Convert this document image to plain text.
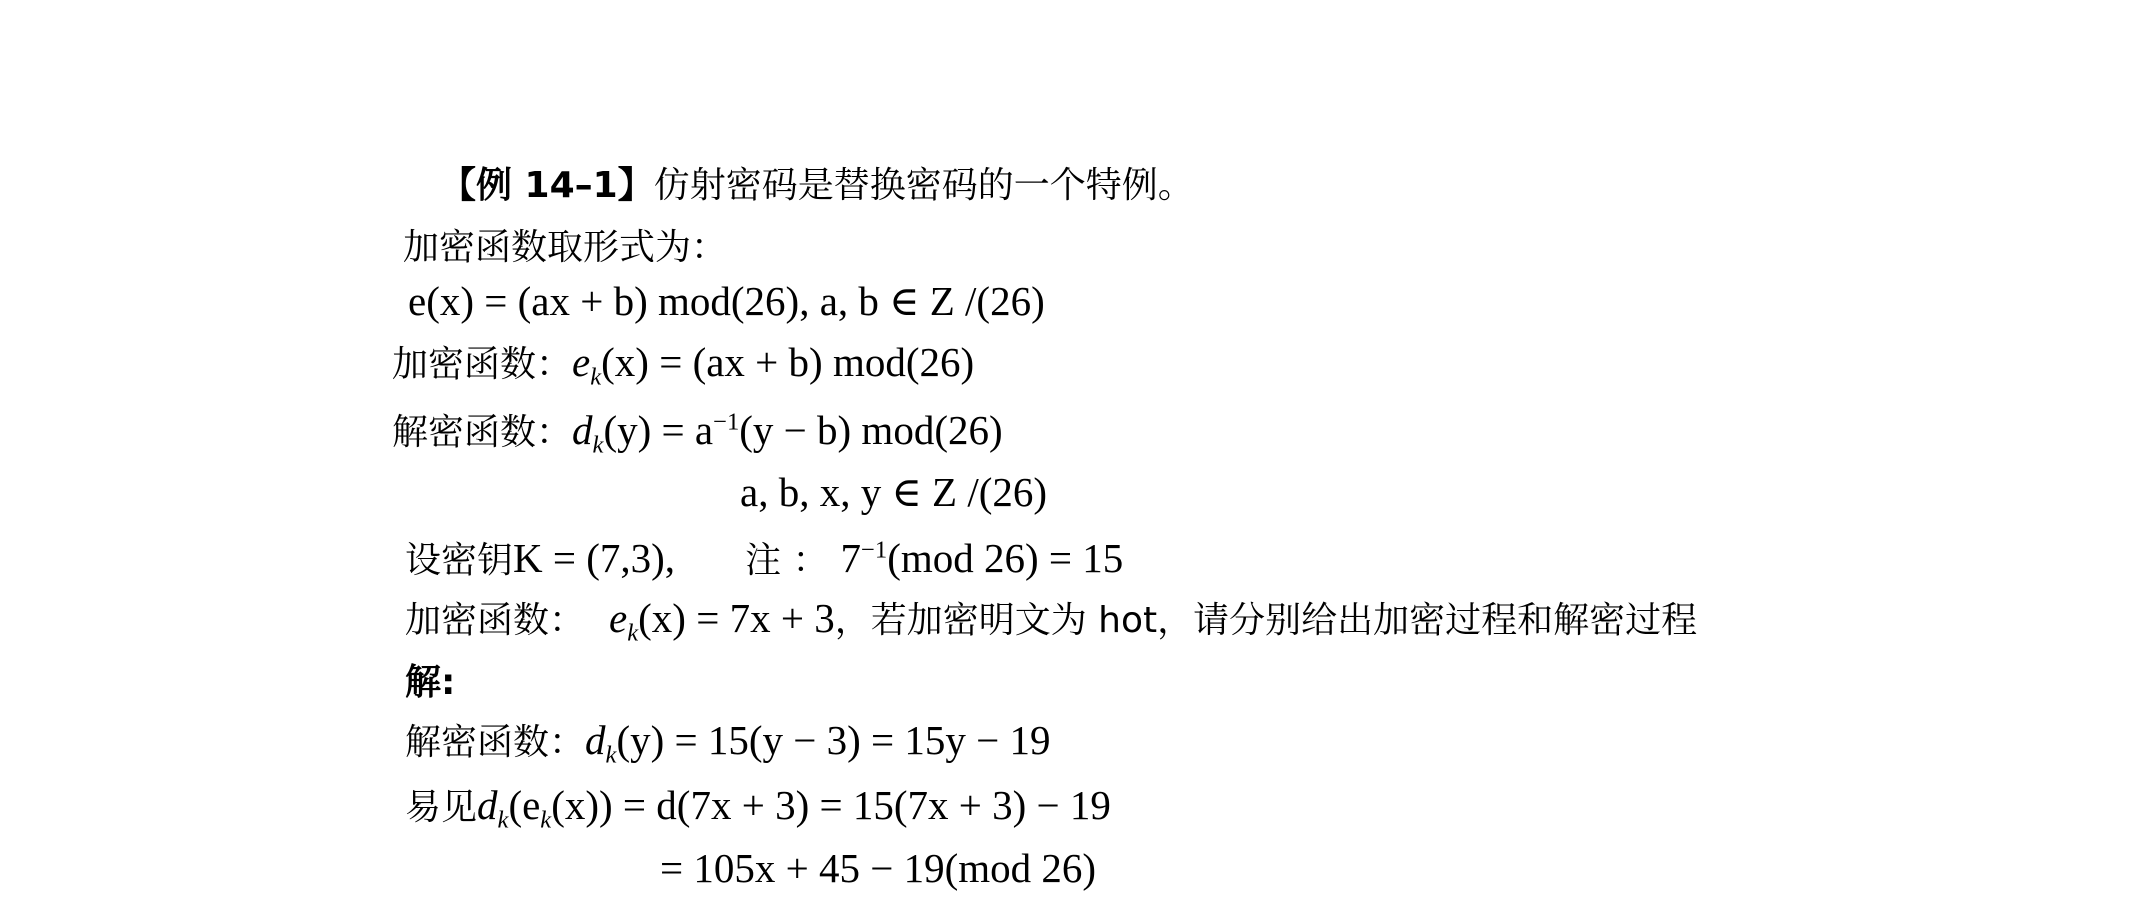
【例 14–1】仿射密码是替换密码的一个特例。
加密函数取形式为：
e(x) = (ax + b) mod(26), a, b ∈ Z /(26)
加密函数：$e_k(x) = (ax + b)$ mod(26)
解密函数：$d_k(y) = a^{-1}(y - b)$ mod(26)
a, b, x, y ∈ Z /(26)
设密钥K = (7,3), 注 ： $7^{-1}(mod$ 26) = 15
加密函数： $e_k(x) = 7x + 3$，若加密明文为 hot，请分别给出加密过程和解密过程
解:
解密函数：$d_k(y) = 15(y - 3) = 15y - 19$
易见$d_k(e_k(x)) = d(7x + 3) = 15(7x + 3) - 19$
= 105x + 45 − 19(mod 26)
